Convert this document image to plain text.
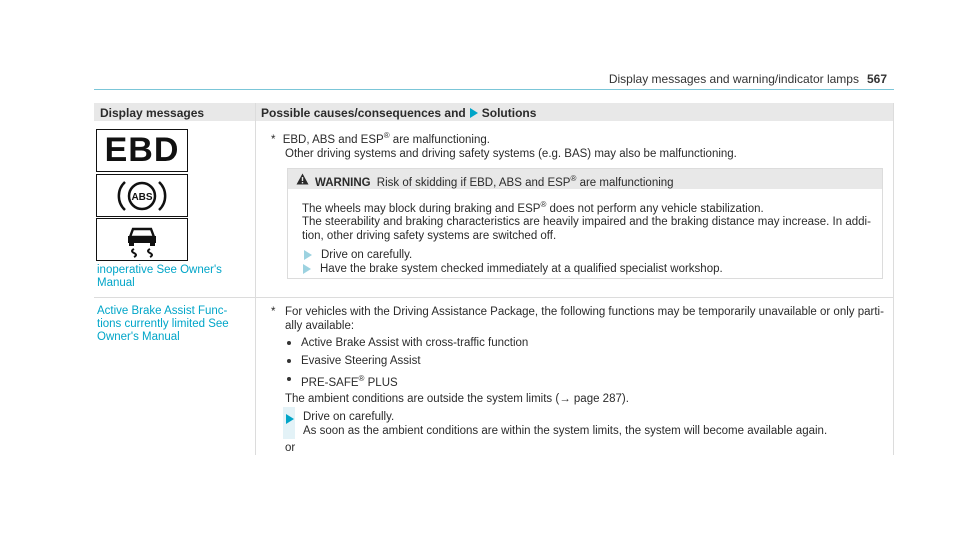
Display messages and warning/indicator lamps 567
Display messages	Possible causes/consequences and Solutions
EBD
ABS
inoperative See Owner's
Manual
* EBD, ABS and ESP® are malfunctioning.
Other driving systems and driving safety systems (e.g. BAS) may also be malfunctioning.
WARNING Risk of skidding if EBD, ABS and ESP® are malfunctioning
The wheels may block during braking and ESP® does not perform any vehicle stabilization.
The steerability and braking characteristics are heavily impaired and the braking distance may increase. In addi-
tion, other driving safety systems are switched off.
Drive on carefully.
Have the brake system checked immediately at a qualified specialist workshop.
Active Brake Assist Func-
tions currently limited See
Owner's Manual
* For vehicles with the Driving Assistance Package, the following functions may be temporarily unavailable or only parti-
ally available:
Active Brake Assist with cross-traffic function
Evasive Steering Assist
PRE-SAFE® PLUS
The ambient conditions are outside the system limits (→ page 287).
Drive on carefully.
As soon as the ambient conditions are within the system limits, the system will become available again.
or
